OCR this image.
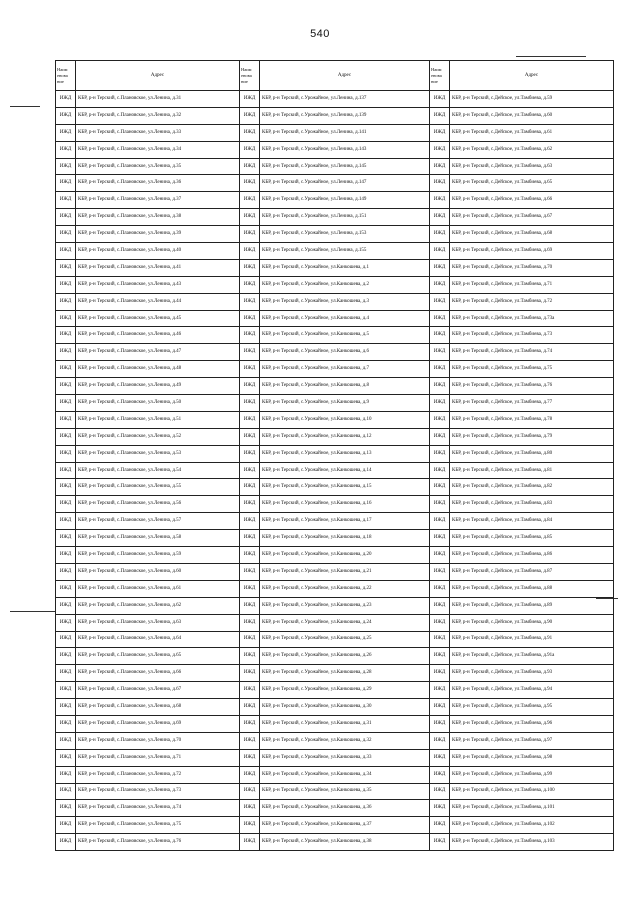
540
Наим енова ние	Адрес	Наим енова ние	Адрес	Наим енова ние	Адрес
ИЖД	КБР, р-н Терский, с.Плановское, ул.Ленина, д.31	ИЖД	КБР, р-н Терский, с.Урожайное, ул.Ленина, д.137	ИЖД	КБР, р-н Терский, с.Дейское, ул.Тамбиева, д.59
ИЖД	КБР, р-н Терский, с.Плановское, ул.Ленина, д.32	ИЖД	КБР, р-н Терский, с.Урожайное, ул.Ленина, д.139	ИЖД	КБР, р-н Терский, с.Дейское, ул.Тамбиева, д.60
ИЖД	КБР, р-н Терский, с.Плановское, ул.Ленина, д.33	ИЖД	КБР, р-н Терский, с.Урожайное, ул.Ленина, д.141	ИЖД	КБР, р-н Терский, с.Дейское, ул.Тамбиева, д.61
ИЖД	КБР, р-н Терский, с.Плановское, ул.Ленина, д.34	ИЖД	КБР, р-н Терский, с.Урожайное, ул.Ленина, д.143	ИЖД	КБР, р-н Терский, с.Дейское, ул.Тамбиева, д.62
ИЖД	КБР, р-н Терский, с.Плановское, ул.Ленина, д.35	ИЖД	КБР, р-н Терский, с.Урожайное, ул.Ленина, д.145	ИЖД	КБР, р-н Терский, с.Дейское, ул.Тамбиева, д.63
ИЖД	КБР, р-н Терский, с.Плановское, ул.Ленина, д.36	ИЖД	КБР, р-н Терский, с.Урожайное, ул.Ленина, д.147	ИЖД	КБР, р-н Терский, с.Дейское, ул.Тамбиева, д.65
ИЖД	КБР, р-н Терский, с.Плановское, ул.Ленина, д.37	ИЖД	КБР, р-н Терский, с.Урожайное, ул.Ленина, д.149	ИЖД	КБР, р-н Терский, с.Дейское, ул.Тамбиева, д.66
ИЖД	КБР, р-н Терский, с.Плановское, ул.Ленина, д.38	ИЖД	КБР, р-н Терский, с.Урожайное, ул.Ленина, д.151	ИЖД	КБР, р-н Терский, с.Дейское, ул.Тамбиева, д.67
ИЖД	КБР, р-н Терский, с.Плановское, ул.Ленина, д.39	ИЖД	КБР, р-н Терский, с.Урожайное, ул.Ленина, д.153	ИЖД	КБР, р-н Терский, с.Дейское, ул.Тамбиева, д.68
ИЖД	КБР, р-н Терский, с.Плановское, ул.Ленина, д.40	ИЖД	КБР, р-н Терский, с.Урожайное, ул.Ленина, д.155	ИЖД	КБР, р-н Терский, с.Дейское, ул.Тамбиева, д.69
ИЖД	КБР, р-н Терский, с.Плановское, ул.Ленина, д.41	ИЖД	КБР, р-н Терский, с.Урожайное, ул.Канкошева, д.1	ИЖД	КБР, р-н Терский, с.Дейское, ул.Тамбиева, д.70
ИЖД	КБР, р-н Терский, с.Плановское, ул.Ленина, д.43	ИЖД	КБР, р-н Терский, с.Урожайное, ул.Канкошева, д.2	ИЖД	КБР, р-н Терский, с.Дейское, ул.Тамбиева, д.71
ИЖД	КБР, р-н Терский, с.Плановское, ул.Ленина, д.44	ИЖД	КБР, р-н Терский, с.Урожайное, ул.Канкошева, д.3	ИЖД	КБР, р-н Терский, с.Дейское, ул.Тамбиева, д.72
ИЖД	КБР, р-н Терский, с.Плановское, ул.Ленина, д.45	ИЖД	КБР, р-н Терский, с.Урожайное, ул.Канкошева, д.4	ИЖД	КБР, р-н Терский, с.Дейское, ул.Тамбиева, д.73а
ИЖД	КБР, р-н Терский, с.Плановское, ул.Ленина, д.46	ИЖД	КБР, р-н Терский, с.Урожайное, ул.Канкошева, д.5	ИЖД	КБР, р-н Терский, с.Дейское, ул.Тамбиева, д.73
ИЖД	КБР, р-н Терский, с.Плановское, ул.Ленина, д.47	ИЖД	КБР, р-н Терский, с.Урожайное, ул.Канкошева, д.6	ИЖД	КБР, р-н Терский, с.Дейское, ул.Тамбиева, д.74
ИЖД	КБР, р-н Терский, с.Плановское, ул.Ленина, д.48	ИЖД	КБР, р-н Терский, с.Урожайное, ул.Канкошева, д.7	ИЖД	КБР, р-н Терский, с.Дейское, ул.Тамбиева, д.75
ИЖД	КБР, р-н Терский, с.Плановское, ул.Ленина, д.49	ИЖД	КБР, р-н Терский, с.Урожайное, ул.Канкошева, д.8	ИЖД	КБР, р-н Терский, с.Дейское, ул.Тамбиева, д.76
ИЖД	КБР, р-н Терский, с.Плановское, ул.Ленина, д.50	ИЖД	КБР, р-н Терский, с.Урожайное, ул.Канкошева, д.9	ИЖД	КБР, р-н Терский, с.Дейское, ул.Тамбиева, д.77
ИЖД	КБР, р-н Терский, с.Плановское, ул.Ленина, д.51	ИЖД	КБР, р-н Терский, с.Урожайное, ул.Канкошева, д.10	ИЖД	КБР, р-н Терский, с.Дейское, ул.Тамбиева, д.78
ИЖД	КБР, р-н Терский, с.Плановское, ул.Ленина, д.52	ИЖД	КБР, р-н Терский, с.Урожайное, ул.Канкошева, д.12	ИЖД	КБР, р-н Терский, с.Дейское, ул.Тамбиева, д.79
ИЖД	КБР, р-н Терский, с.Плановское, ул.Ленина, д.53	ИЖД	КБР, р-н Терский, с.Урожайное, ул.Канкошева, д.13	ИЖД	КБР, р-н Терский, с.Дейское, ул.Тамбиева, д.80
ИЖД	КБР, р-н Терский, с.Плановское, ул.Ленина, д.54	ИЖД	КБР, р-н Терский, с.Урожайное, ул.Канкошева, д.14	ИЖД	КБР, р-н Терский, с.Дейское, ул.Тамбиева, д.81
ИЖД	КБР, р-н Терский, с.Плановское, ул.Ленина, д.55	ИЖД	КБР, р-н Терский, с.Урожайное, ул.Канкошева, д.15	ИЖД	КБР, р-н Терский, с.Дейское, ул.Тамбиева, д.82
ИЖД	КБР, р-н Терский, с.Плановское, ул.Ленина, д.56	ИЖД	КБР, р-н Терский, с.Урожайное, ул.Канкошева, д.16	ИЖД	КБР, р-н Терский, с.Дейское, ул.Тамбиева, д.83
ИЖД	КБР, р-н Терский, с.Плановское, ул.Ленина, д.57	ИЖД	КБР, р-н Терский, с.Урожайное, ул.Канкошева, д.17	ИЖД	КБР, р-н Терский, с.Дейское, ул.Тамбиева, д.84
ИЖД	КБР, р-н Терский, с.Плановское, ул.Ленина, д.58	ИЖД	КБР, р-н Терский, с.Урожайное, ул.Канкошева, д.18	ИЖД	КБР, р-н Терский, с.Дейское, ул.Тамбиева, д.85
ИЖД	КБР, р-н Терский, с.Плановское, ул.Ленина, д.59	ИЖД	КБР, р-н Терский, с.Урожайное, ул.Канкошева, д.20	ИЖД	КБР, р-н Терский, с.Дейское, ул.Тамбиева, д.86
ИЖД	КБР, р-н Терский, с.Плановское, ул.Ленина, д.60	ИЖД	КБР, р-н Терский, с.Урожайное, ул.Канкошева, д.21	ИЖД	КБР, р-н Терский, с.Дейское, ул.Тамбиева, д.87
ИЖД	КБР, р-н Терский, с.Плановское, ул.Ленина, д.61	ИЖД	КБР, р-н Терский, с.Урожайное, ул.Канкошева, д.22	ИЖД	КБР, р-н Терский, с.Дейское, ул.Тамбиева, д.88
ИЖД	КБР, р-н Терский, с.Плановское, ул.Ленина, д.62	ИЖД	КБР, р-н Терский, с.Урожайное, ул.Канкошева, д.23	ИЖД	КБР, р-н Терский, с.Дейское, ул.Тамбиева, д.89
ИЖД	КБР, р-н Терский, с.Плановское, ул.Ленина, д.63	ИЖД	КБР, р-н Терский, с.Урожайное, ул.Канкошева, д.24	ИЖД	КБР, р-н Терский, с.Дейское, ул.Тамбиева, д.90
ИЖД	КБР, р-н Терский, с.Плановское, ул.Ленина, д.64	ИЖД	КБР, р-н Терский, с.Урожайное, ул.Канкошева, д.25	ИЖД	КБР, р-н Терский, с.Дейское, ул.Тамбиева, д.91
ИЖД	КБР, р-н Терский, с.Плановское, ул.Ленина, д.65	ИЖД	КБР, р-н Терский, с.Урожайное, ул.Канкошева, д.26	ИЖД	КБР, р-н Терский, с.Дейское, ул.Тамбиева, д.91а
ИЖД	КБР, р-н Терский, с.Плановское, ул.Ленина, д.66	ИЖД	КБР, р-н Терский, с.Урожайное, ул.Канкошева, д.28	ИЖД	КБР, р-н Терский, с.Дейское, ул.Тамбиева, д.93
ИЖД	КБР, р-н Терский, с.Плановское, ул.Ленина, д.67	ИЖД	КБР, р-н Терский, с.Урожайное, ул.Канкошева, д.29	ИЖД	КБР, р-н Терский, с.Дейское, ул.Тамбиева, д.94
ИЖД	КБР, р-н Терский, с.Плановское, ул.Ленина, д.68	ИЖД	КБР, р-н Терский, с.Урожайное, ул.Канкошева, д.30	ИЖД	КБР, р-н Терский, с.Дейское, ул.Тамбиева, д.95
ИЖД	КБР, р-н Терский, с.Плановское, ул.Ленина, д.69	ИЖД	КБР, р-н Терский, с.Урожайное, ул.Канкошева, д.31	ИЖД	КБР, р-н Терский, с.Дейское, ул.Тамбиева, д.96
ИЖД	КБР, р-н Терский, с.Плановское, ул.Ленина, д.70	ИЖД	КБР, р-н Терский, с.Урожайное, ул.Канкошева, д.32	ИЖД	КБР, р-н Терский, с.Дейское, ул.Тамбиева, д.97
ИЖД	КБР, р-н Терский, с.Плановское, ул.Ленина, д.71	ИЖД	КБР, р-н Терский, с.Урожайное, ул.Канкошева, д.33	ИЖД	КБР, р-н Терский, с.Дейское, ул.Тамбиева, д.98
ИЖД	КБР, р-н Терский, с.Плановское, ул.Ленина, д.72	ИЖД	КБР, р-н Терский, с.Урожайное, ул.Канкошева, д.34	ИЖД	КБР, р-н Терский, с.Дейское, ул.Тамбиева, д.99
ИЖД	КБР, р-н Терский, с.Плановское, ул.Ленина, д.73	ИЖД	КБР, р-н Терский, с.Урожайное, ул.Канкошева, д.35	ИЖД	КБР, р-н Терский, с.Дейское, ул.Тамбиева, д.100
ИЖД	КБР, р-н Терский, с.Плановское, ул.Ленина, д.74	ИЖД	КБР, р-н Терский, с.Урожайное, ул.Канкошева, д.36	ИЖД	КБР, р-н Терский, с.Дейское, ул.Тамбиева, д.101
ИЖД	КБР, р-н Терский, с.Плановское, ул.Ленина, д.75	ИЖД	КБР, р-н Терский, с.Урожайное, ул.Канкошева, д.37	ИЖД	КБР, р-н Терский, с.Дейское, ул.Тамбиева, д.102
ИЖД	КБР, р-н Терский, с.Плановское, ул.Ленина, д.76	ИЖД	КБР, р-н Терский, с.Урожайное, ул.Канкошева, д.38	ИЖД	КБР, р-н Терский, с.Дейское, ул.Тамбиева, д.103
